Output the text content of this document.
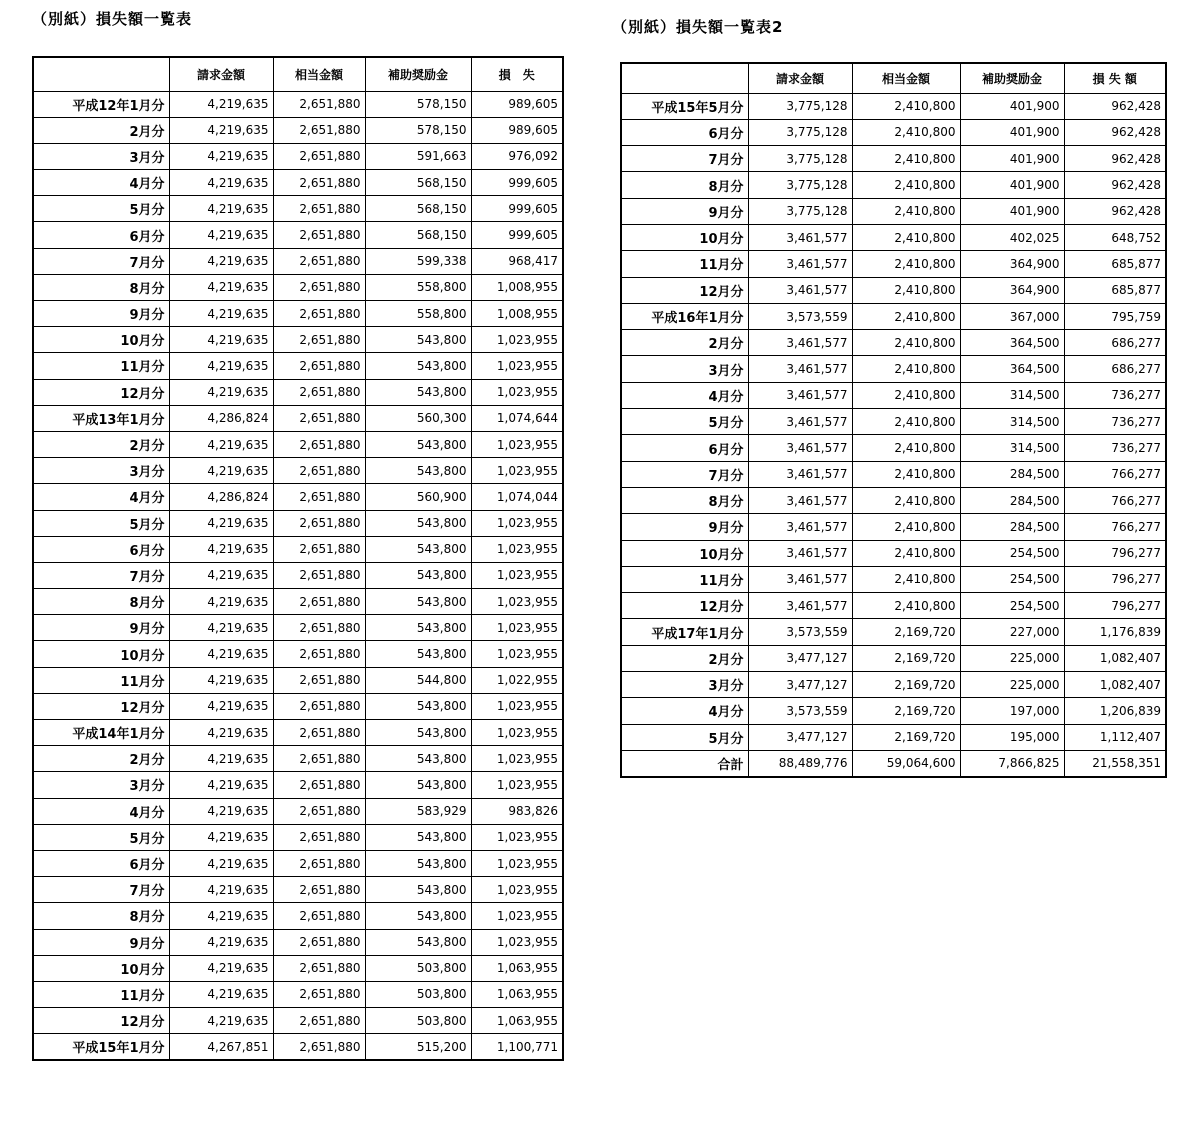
（別紙）損失額一覧表
	請求金額	相当金額	補助奨励金	損　失
平成12年1月分	4,219,635	2,651,880	578,150	989,605
2月分	4,219,635	2,651,880	578,150	989,605
3月分	4,219,635	2,651,880	591,663	976,092
4月分	4,219,635	2,651,880	568,150	999,605
5月分	4,219,635	2,651,880	568,150	999,605
6月分	4,219,635	2,651,880	568,150	999,605
7月分	4,219,635	2,651,880	599,338	968,417
8月分	4,219,635	2,651,880	558,800	1,008,955
9月分	4,219,635	2,651,880	558,800	1,008,955
10月分	4,219,635	2,651,880	543,800	1,023,955
11月分	4,219,635	2,651,880	543,800	1,023,955
12月分	4,219,635	2,651,880	543,800	1,023,955
平成13年1月分	4,286,824	2,651,880	560,300	1,074,644
2月分	4,219,635	2,651,880	543,800	1,023,955
3月分	4,219,635	2,651,880	543,800	1,023,955
4月分	4,286,824	2,651,880	560,900	1,074,044
5月分	4,219,635	2,651,880	543,800	1,023,955
6月分	4,219,635	2,651,880	543,800	1,023,955
7月分	4,219,635	2,651,880	543,800	1,023,955
8月分	4,219,635	2,651,880	543,800	1,023,955
9月分	4,219,635	2,651,880	543,800	1,023,955
10月分	4,219,635	2,651,880	543,800	1,023,955
11月分	4,219,635	2,651,880	544,800	1,022,955
12月分	4,219,635	2,651,880	543,800	1,023,955
平成14年1月分	4,219,635	2,651,880	543,800	1,023,955
2月分	4,219,635	2,651,880	543,800	1,023,955
3月分	4,219,635	2,651,880	543,800	1,023,955
4月分	4,219,635	2,651,880	583,929	983,826
5月分	4,219,635	2,651,880	543,800	1,023,955
6月分	4,219,635	2,651,880	543,800	1,023,955
7月分	4,219,635	2,651,880	543,800	1,023,955
8月分	4,219,635	2,651,880	543,800	1,023,955
9月分	4,219,635	2,651,880	543,800	1,023,955
10月分	4,219,635	2,651,880	503,800	1,063,955
11月分	4,219,635	2,651,880	503,800	1,063,955
12月分	4,219,635	2,651,880	503,800	1,063,955
平成15年1月分	4,267,851	2,651,880	515,200	1,100,771
（別紙）損失額一覧表2
	請求金額	相当金額	補助奨励金	損 失 額
平成15年5月分	3,775,128	2,410,800	401,900	962,428
6月分	3,775,128	2,410,800	401,900	962,428
7月分	3,775,128	2,410,800	401,900	962,428
8月分	3,775,128	2,410,800	401,900	962,428
9月分	3,775,128	2,410,800	401,900	962,428
10月分	3,461,577	2,410,800	402,025	648,752
11月分	3,461,577	2,410,800	364,900	685,877
12月分	3,461,577	2,410,800	364,900	685,877
平成16年1月分	3,573,559	2,410,800	367,000	795,759
2月分	3,461,577	2,410,800	364,500	686,277
3月分	3,461,577	2,410,800	364,500	686,277
4月分	3,461,577	2,410,800	314,500	736,277
5月分	3,461,577	2,410,800	314,500	736,277
6月分	3,461,577	2,410,800	314,500	736,277
7月分	3,461,577	2,410,800	284,500	766,277
8月分	3,461,577	2,410,800	284,500	766,277
9月分	3,461,577	2,410,800	284,500	766,277
10月分	3,461,577	2,410,800	254,500	796,277
11月分	3,461,577	2,410,800	254,500	796,277
12月分	3,461,577	2,410,800	254,500	796,277
平成17年1月分	3,573,559	2,169,720	227,000	1,176,839
2月分	3,477,127	2,169,720	225,000	1,082,407
3月分	3,477,127	2,169,720	225,000	1,082,407
4月分	3,573,559	2,169,720	197,000	1,206,839
5月分	3,477,127	2,169,720	195,000	1,112,407
合計	88,489,776	59,064,600	7,866,825	21,558,351
